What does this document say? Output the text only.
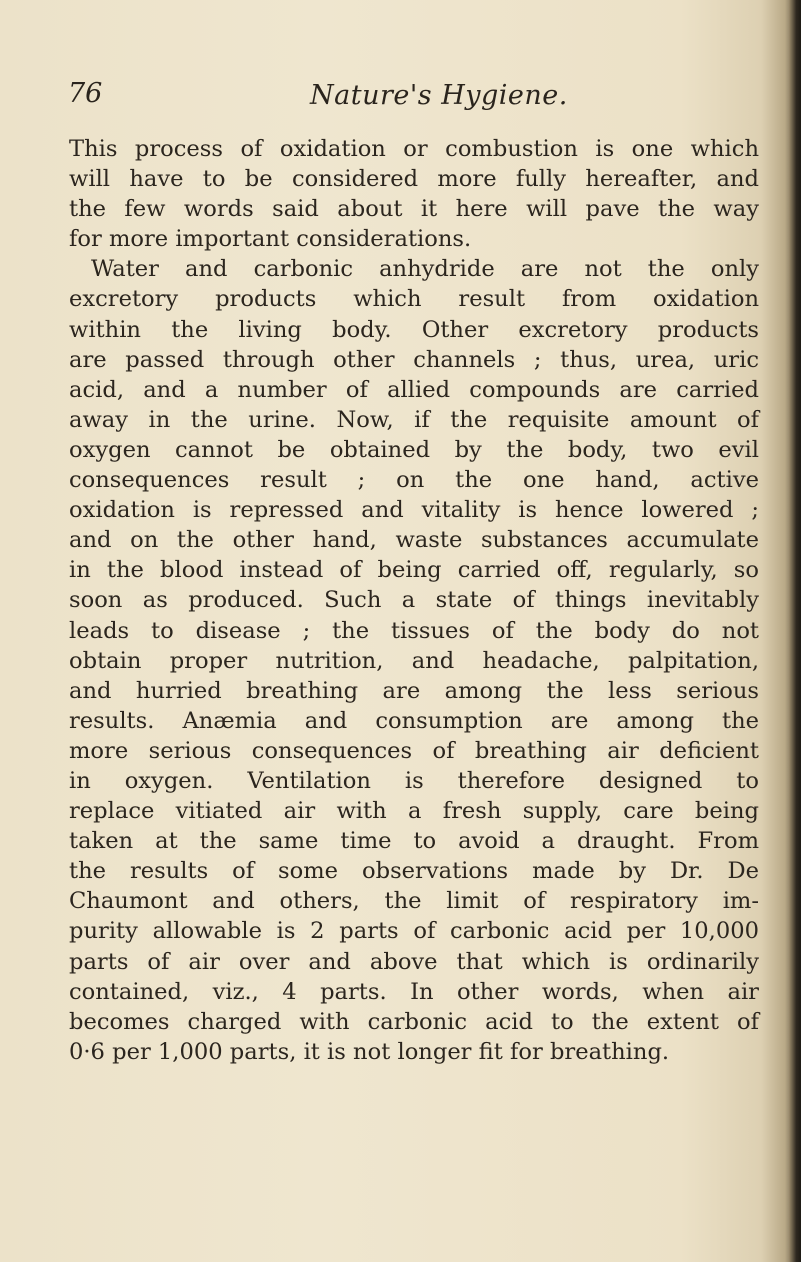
76	Nature's Hygiene.
This process of oxidation or combustion is one which
will have to be considered more fully hereafter, and
the few words said about it here will pave the way
for more important considerations.
Water and carbonic anhydride are not the only
excretory products which result from oxidation
within the living body. Other excretory products
are passed through other channels ; thus, urea, uric
acid, and a number of allied compounds are carried
away in the urine. Now, if the requisite amount of
oxygen cannot be obtained by the body, two evil
consequences result ; on the one hand, active
oxidation is repressed and vitality is hence lowered ;
and on the other hand, waste substances accumulate
in the blood instead of being carried off, regularly, so
soon as produced. Such a state of things inevitably
leads to disease ; the tissues of the body do not
obtain proper nutrition, and headache, palpitation,
and hurried breathing are among the less serious
results. Anæmia and consumption are among the
more serious consequences of breathing air deficient
in oxygen. Ventilation is therefore designed to
replace vitiated air with a fresh supply, care being
taken at the same time to avoid a draught. From
the results of some observations made by Dr. De
Chaumont and others, the limit of respiratory im-
purity allowable is 2 parts of carbonic acid per 10,000
parts of air over and above that which is ordinarily
contained, viz., 4 parts. In other words, when air
becomes charged with carbonic acid to the extent of
0·6 per 1,000 parts, it is not longer fit for breathing.
